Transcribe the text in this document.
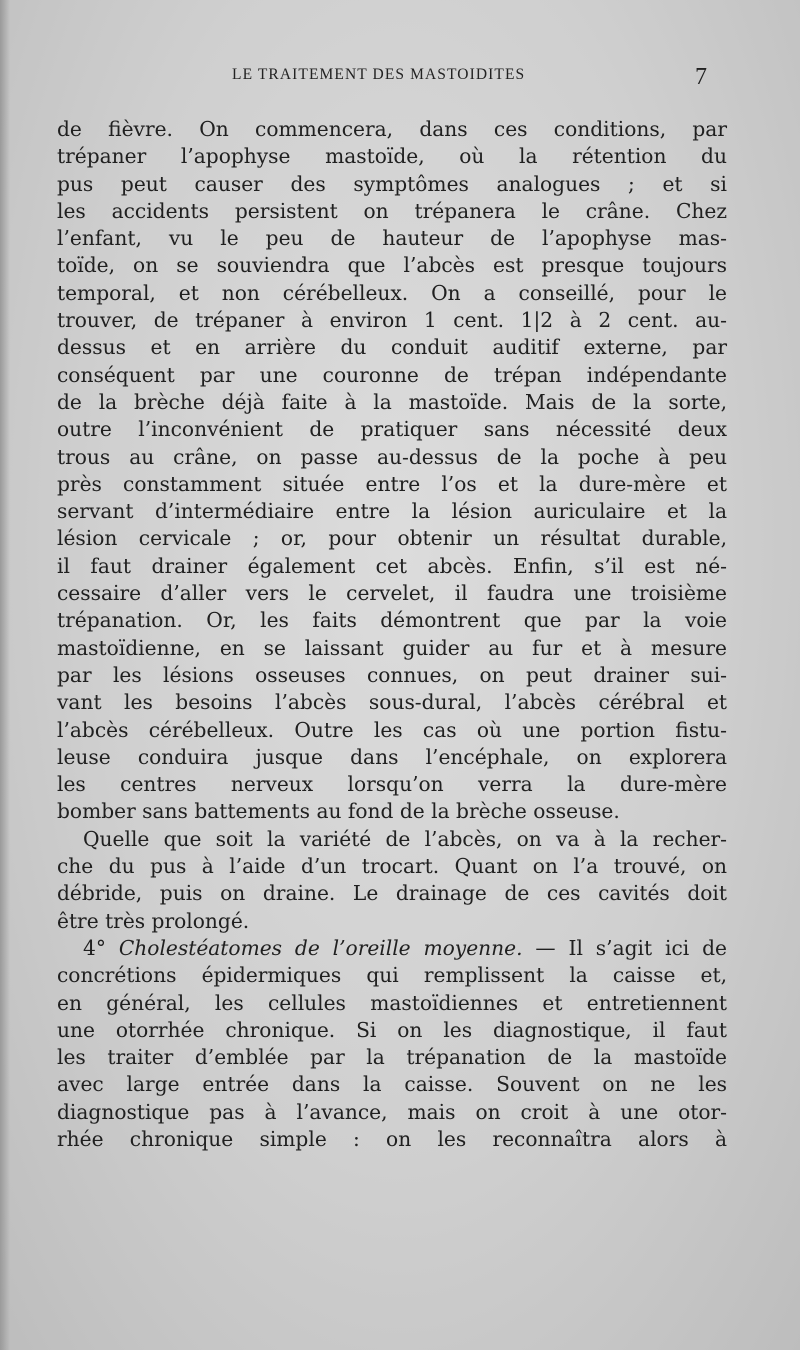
LE TRAITEMENT DES MASTOIDITES	7
de fièvre. On commencera, dans ces conditions, par
trépaner l’apophyse mastoïde, où la rétention du
pus peut causer des symptômes analogues ; et si
les accidents persistent on trépanera le crâne. Chez
l’enfant, vu le peu de hauteur de l’apophyse mas-
toïde, on se souviendra que l’abcès est presque toujours
temporal, et non cérébelleux. On a conseillé, pour le
trouver, de trépaner à environ 1 cent. 1|2 à 2 cent. au-
dessus et en arrière du conduit auditif externe, par
conséquent par une couronne de trépan indépendante
de la brèche déjà faite à la mastoïde. Mais de la sorte,
outre l’inconvénient de pratiquer sans nécessité deux
trous au crâne, on passe au-dessus de la poche à peu
près constamment située entre l’os et la dure-mère et
servant d’intermédiaire entre la lésion auriculaire et la
lésion cervicale ; or, pour obtenir un résultat durable,
il faut drainer également cet abcès. Enfin, s’il est né-
cessaire d’aller vers le cervelet, il faudra une troisième
trépanation. Or, les faits démontrent que par la voie
mastoïdienne, en se laissant guider au fur et à mesure
par les lésions osseuses connues, on peut drainer sui-
vant les besoins l’abcès sous-dural, l’abcès cérébral et
l’abcès cérébelleux. Outre les cas où une portion fistu-
leuse conduira jusque dans l’encéphale, on explorera
les centres nerveux lorsqu’on verra la dure-mère
bomber sans battements au fond de la brèche osseuse.
Quelle que soit la variété de l’abcès, on va à la recher-
che du pus à l’aide d’un trocart. Quant on l’a trouvé, on
débride, puis on draine. Le drainage de ces cavités doit
être très prolongé.
4° Cholestéatomes de l’oreille moyenne. — Il s’agit ici de
concrétions épidermiques qui remplissent la caisse et,
en général, les cellules mastoïdiennes et entretiennent
une otorrhée chronique. Si on les diagnostique, il faut
les traiter d’emblée par la trépanation de la mastoïde
avec large entrée dans la caisse. Souvent on ne les
diagnostique pas à l’avance, mais on croit à une otor-
rhée chronique simple : on les reconnaîtra alors à
